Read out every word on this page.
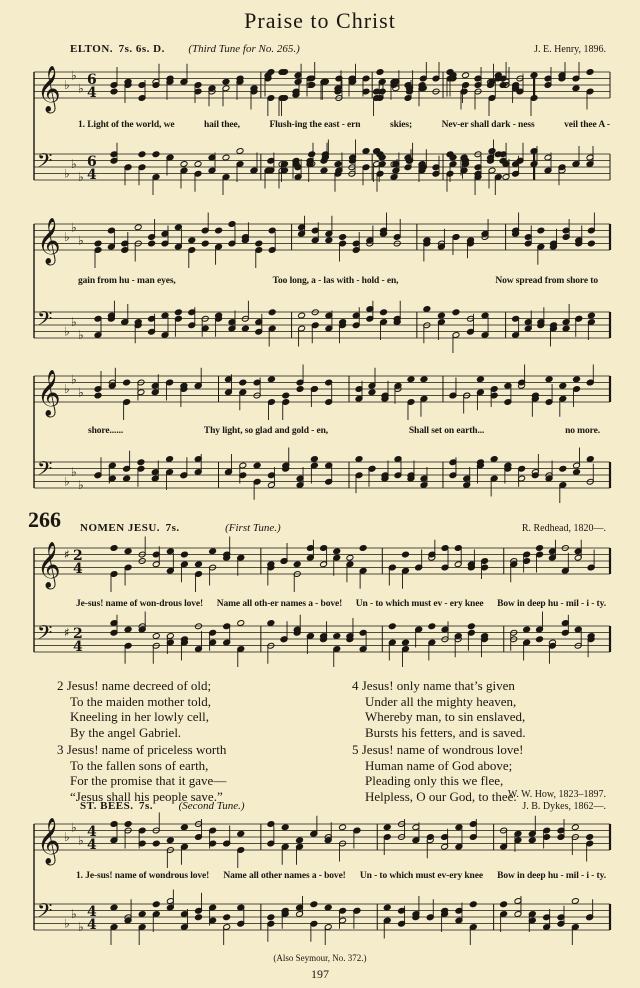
Praise to Christ
ELTON. 7s. 6s. D. (Third Tune for No. 265.)	J. E. Henry, 1896.
𝄞 ♭
♭
♭
6
4
𝄢 ♭
♭
♭
6
4
1. Light of the world, we	hail thee,	Flush-ing the east - ern	skies;	Nev-er shall dark - ness	veil thee A -
𝄞 ♭
♭
♭
𝄢 ♭
♭
♭
gain from hu - man eyes,	Too long, a - las with - hold - en,	Now spread from shore to
𝄞 ♭
♭
♭
𝄢 ♭
♭
♭
shore......	Thy light, so glad and gold - en,	Shall set on earth...	no more.
266 NOMEN JESU. 7s.	(First Tune.)	R. Redhead, 1820—.
𝄞 ♯ 2
4
𝄢 ♯ 2
4
Je-sus! name of won-drous love! Name all oth-er names a - bove! Un - to which must ev - ery knee Bow in deep hu - mil - i - ty.
2 Jesus! name decreed of old;
To the maiden mother told,
Kneeling in her lowly cell,
By the angel Gabriel.
3 Jesus! name of priceless worth
To the fallen sons of earth,
For the promise that it gave—
“Jesus shall his people save.”
4 Jesus! only name that’s given
Under all the mighty heaven,
Whereby man, to sin enslaved,
Bursts his fetters, and is saved.
5 Jesus! name of wondrous love!
Human name of God above;
Pleading only this we flee,
Helpless, O our God, to thee.
W. W. How, 1823–1897.
ST. BEES. 7s. (Second Tune.)	J. B. Dykes, 1862—.
𝄞 ♭
♭
♭
4
4
𝄢 ♭
♭
♭
4
4
1. Je-sus! name of wondrous love! Name all other names a - bove! Un - to which must ev-ery knee Bow in deep hu - mil - i - ty.
(Also Seymour, No. 372.)
197
